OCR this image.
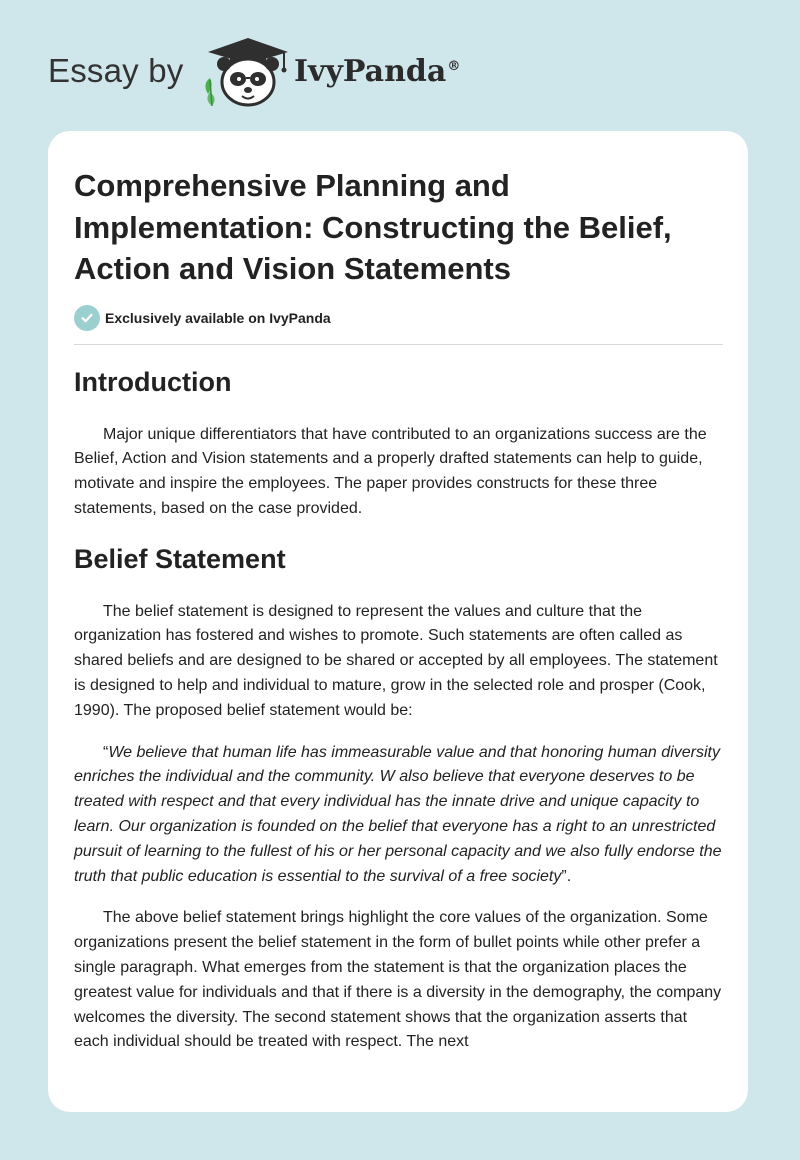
Essay by	IvyPanda®
Comprehensive Planning and Implementation: Constructing the Belief, Action and Vision Statements
Exclusively available on IvyPanda
Introduction

Major unique differentiators that have contributed to an organizations success are the Belief, Action and Vision statements and a properly drafted statements can help to guide, motivate and inspire the employees. The paper provides constructs for these three statements, based on the case provided.

Belief Statement

The belief statement is designed to represent the values and culture that the organization has fostered and wishes to promote. Such statements are often called as shared beliefs and are designed to be shared or accepted by all employees. The statement is designed to help and individual to mature, grow in the selected role and prosper (Cook, 1990). The proposed belief statement would be:

“We believe that human life has immeasurable value and that honoring human diversity enriches the individual and the community. W also believe that everyone deserves to be treated with respect and that every individual has the innate drive and unique capacity to learn. Our organization is founded on the belief that everyone has a right to an unrestricted pursuit of learning to the fullest of his or her personal capacity and we also fully endorse the truth that public education is essential to the survival of a free society”.

The above belief statement brings highlight the core values of the organization. Some organizations present the belief statement in the form of bullet points while other prefer a single paragraph. What emerges from the statement is that the organization places the greatest value for individuals and that if there is a diversity in the demography, the company welcomes the diversity. The second statement shows that the organization asserts that each individual should be treated with respect. The next
